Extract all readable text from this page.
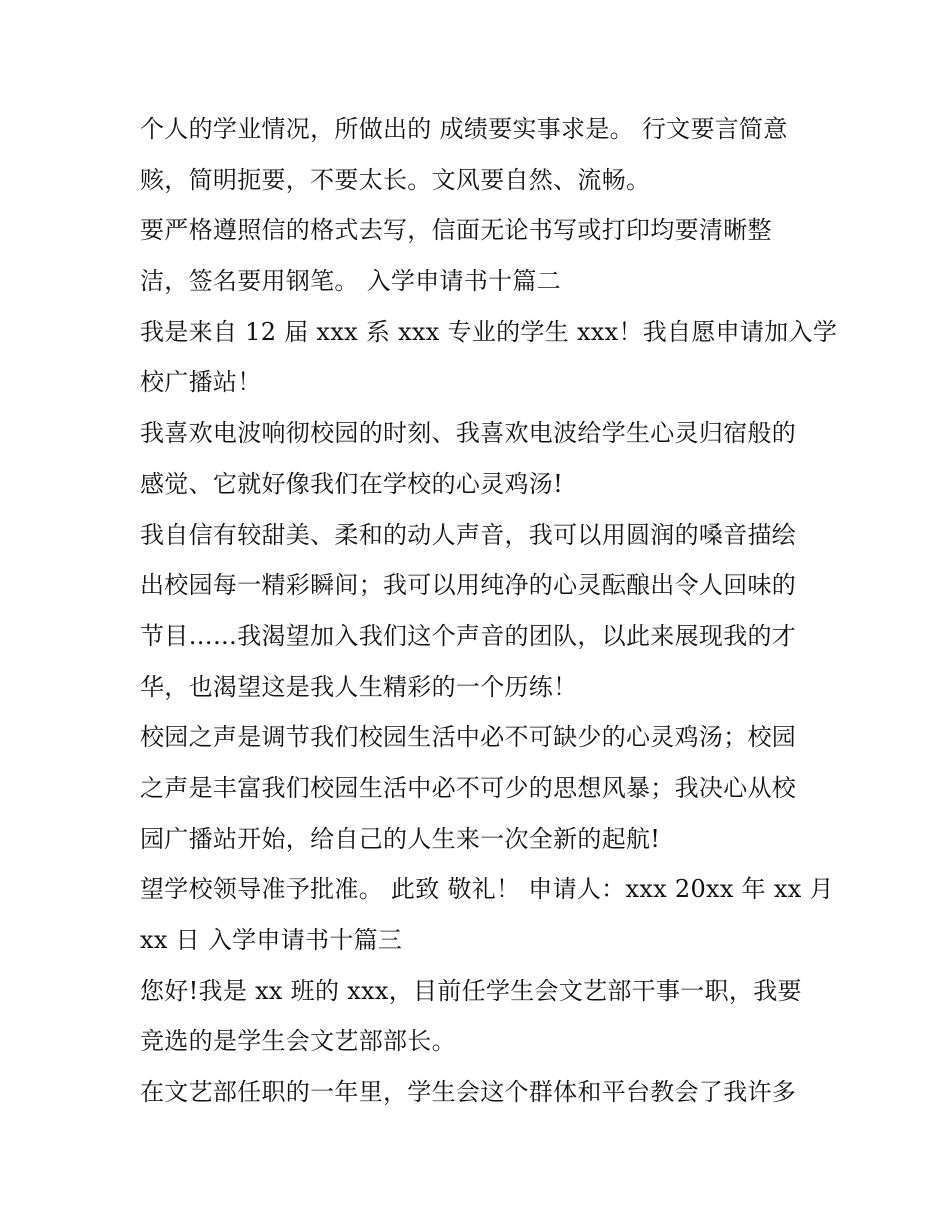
个人的学业情况，所做出的 成绩要实事求是。 行文要言简意
赅，简明扼要，不要太长。文风要自然、流畅。
要严格遵照信的格式去写，信面无论书写或打印均要清晰整
洁，签名要用钢笔。 入学申请书十篇二
我是来自 12 届 xxx 系 xxx 专业的学生 xxx！我自愿申请加入学
校广播站！
我喜欢电波响彻校园的时刻、我喜欢电波给学生心灵归宿般的
感觉、它就好像我们在学校的心灵鸡汤!
我自信有较甜美、柔和的动人声音，我可以用圆润的嗓音描绘
出校园每一精彩瞬间；我可以用纯净的心灵酝酿出令人回味的
节目……我渴望加入我们这个声音的团队，以此来展现我的才
华，也渴望这是我人生精彩的一个历练！
校园之声是调节我们校园生活中必不可缺少的心灵鸡汤；校园
之声是丰富我们校园生活中必不可少的思想风暴；我决心从校
园广播站开始，给自己的人生来一次全新的起航!
望学校领导准予批准。 此致 敬礼！ 申请人：xxx 20xx 年 xx 月
xx 日 入学申请书十篇三
您好!我是 xx 班的 xxx，目前任学生会文艺部干事一职，我要
竞选的是学生会文艺部部长。
在文艺部任职的一年里，学生会这个群体和平台教会了我许多
